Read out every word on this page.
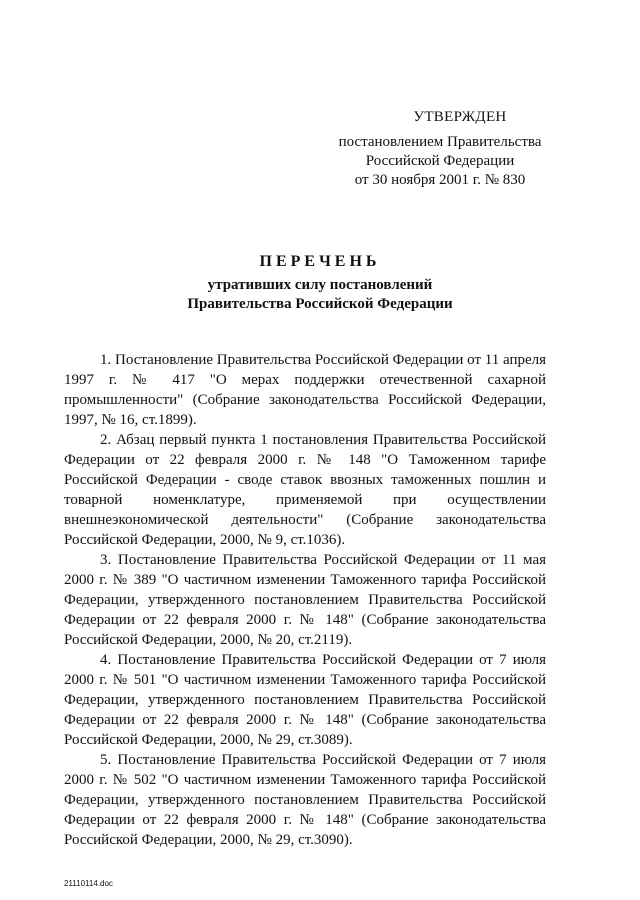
УТВЕРЖДЕН
постановлением Правительства
Российской Федерации
от 30 ноября 2001 г. № 830
ПЕРЕЧЕНЬ
утративших силу постановлений
Правительства Российской Федерации

1. Постановление Правительства Российской Федерации от 11 апреля 1997 г. № 417 "О мерах поддержки отечественной сахарной промышленности" (Собрание законодательства Российской Федерации, 1997, № 16, ст.1899).

2. Абзац первый пункта 1 постановления Правительства Российской Федерации от 22 февраля 2000 г. № 148 "О Таможенном тарифе Российской Федерации - своде ставок ввозных таможенных пошлин и товарной номенклатуре, применяемой при осуществлении внешнеэкономической деятельности" (Собрание законодательства Российской Федерации, 2000, № 9, ст.1036).

3. Постановление Правительства Российской Федерации от 11 мая 2000 г. № 389 "О частичном изменении Таможенного тарифа Российской Федерации, утвержденного постановлением Правительства Российской Федерации от 22 февраля 2000 г. № 148" (Собрание законодательства Российской Федерации, 2000, № 20, ст.2119).

4. Постановление Правительства Российской Федерации от 7 июля 2000 г. № 501 "О частичном изменении Таможенного тарифа Российской Федерации, утвержденного постановлением Правительства Российской Федерации от 22 февраля 2000 г. № 148" (Собрание законодательства Российской Федерации, 2000, № 29, ст.3089).

5. Постановление Правительства Российской Федерации от 7 июля 2000 г. № 502 "О частичном изменении Таможенного тарифа Российской Федерации, утвержденного постановлением Правительства Российской Федерации от 22 февраля 2000 г. № 148" (Собрание законодательства Российской Федерации, 2000, № 29, ст.3090).

21110114.doc
